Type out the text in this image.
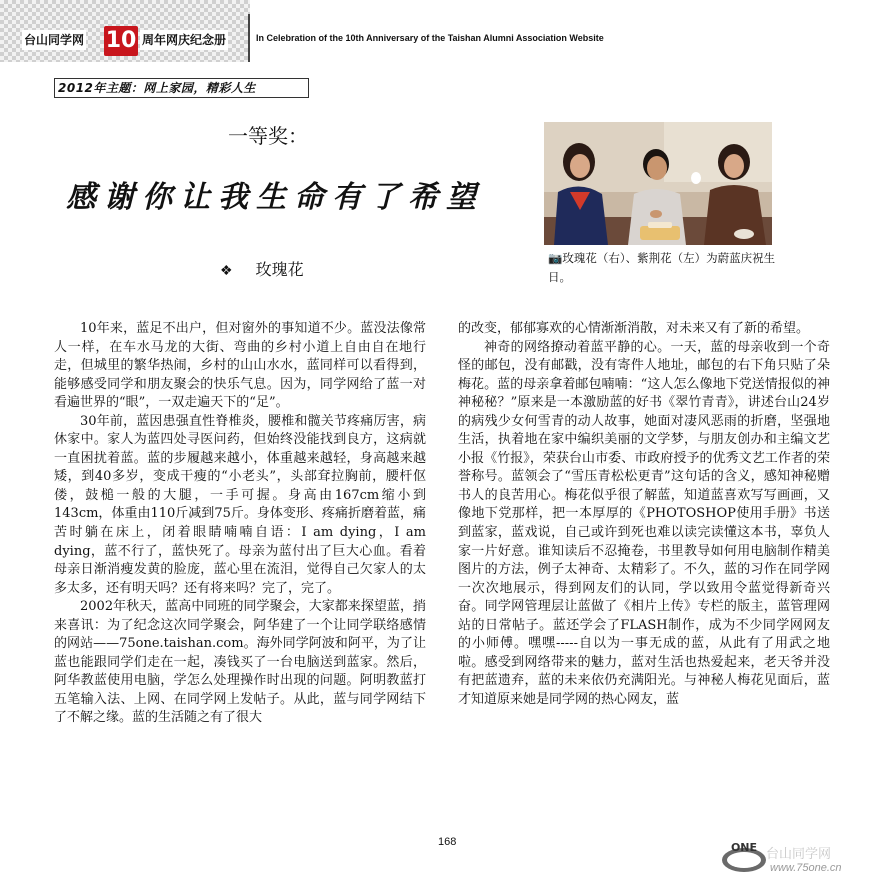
台山同学网 10 周年网庆纪念册	In Celebration of the 10th Anniversary of the Taishan Alumni Association Website
2012年主题：网上家园，精彩人生
一等奖：
感谢你让我生命有了希望
❖ 玫瑰花
📷玫瑰花（右）、紫荆花（左）为蔚蓝庆祝生日。

10年来，蓝足不出户，但对窗外的事知道不少。蓝没法像常人一样，在车水马龙的大街、弯曲的乡村小道上自由自在地行走，但城里的繁华热闹，乡村的山山水水，蓝同样可以看得到，能够感受同学和朋友聚会的快乐气息。因为，同学网给了蓝一对看遍世界的“眼”，一双走遍天下的“足”。

30年前，蓝因患强直性脊椎炎，腰椎和髋关节疼痛厉害，病休家中。家人为蓝四处寻医问药，但始终没能找到良方，这病就一直困扰着蓝。蓝的步履越来越小，体重越来越轻，身高越来越矮，到40多岁，变成干瘦的“小老头”，头部耷拉胸前，腰杆伛偻，鼓槌一般的大腿，一手可握。身高由167cm缩小到143cm，体重由110斤减到75斤。身体变形、疼痛折磨着蓝，痛苦时躺在床上，闭着眼睛喃喃自语：I am dying，I am dying，蓝不行了，蓝快死了。母亲为蓝付出了巨大心血。看着母亲日渐消瘦发黄的脸庞，蓝心里在流泪，觉得自己欠家人的太多太多，还有明天吗？还有将来吗？完了，完了。

2002年秋天，蓝高中同班的同学聚会，大家都来探望蓝，捎来喜讯：为了纪念这次同学聚会，阿华建了一个让同学联络感情的网站——75one.taishan.com。海外同学阿波和阿平，为了让蓝也能跟同学们走在一起，凑钱买了一台电脑送到蓝家。然后，阿华教蓝使用电脑，学怎么处理操作时出现的问题。阿明教蓝打五笔输入法、上网、在同学网上发帖子。从此，蓝与同学网结下了不解之缘。蓝的生活随之有了很大

的改变，郁郁寡欢的心情渐渐消散，对未来又有了新的希望。

神奇的网络撩动着蓝平静的心。一天，蓝的母亲收到一个奇怪的邮包，没有邮戳，没有寄件人地址，邮包的右下角只贴了朵梅花。蓝的母亲拿着邮包喃喃：“这人怎么像地下党送情报似的神神秘秘？”原来是一本激励蓝的好书《翠竹青青》，讲述台山24岁的病残少女何雪青的动人故事，她面对凄风恶雨的折磨，坚强地生活，执着地在家中编织美丽的文学梦，与朋友创办和主编文艺小报《竹报》，荣获台山市委、市政府授予的优秀文艺工作者的荣誉称号。蓝领会了“雪压青松松更青”这句话的含义，感知神秘赠书人的良苦用心。梅花似乎很了解蓝，知道蓝喜欢写写画画，又像地下党那样，把一本厚厚的《PHOTOSHOP使用手册》书送到蓝家，蓝戏说，自己或许到死也难以读完读懂这本书，辜负人家一片好意。谁知读后不忍掩卷，书里教导如何用电脑制作精美图片的方法，例子太神奇、太精彩了。不久，蓝的习作在同学网一次次地展示，得到网友们的认同，学以致用令蓝觉得新奇兴奋。同学网管理层让蓝做了《相片上传》专栏的版主，蓝管理网站的日常帖子。蓝还学会了FLASH制作，成为不少同学网网友的小师傅。嘿嘿-----自以为一事无成的蓝，从此有了用武之地啦。感受到网络带来的魅力，蓝对生活也热爱起来，老天爷并没有把蓝遗弃，蓝的未来依仍充满阳光。与神秘人梅花见面后，蓝才知道原来她是同学网的热心网友，蓝

168	ONE 台山同学网
www.75one.cn
